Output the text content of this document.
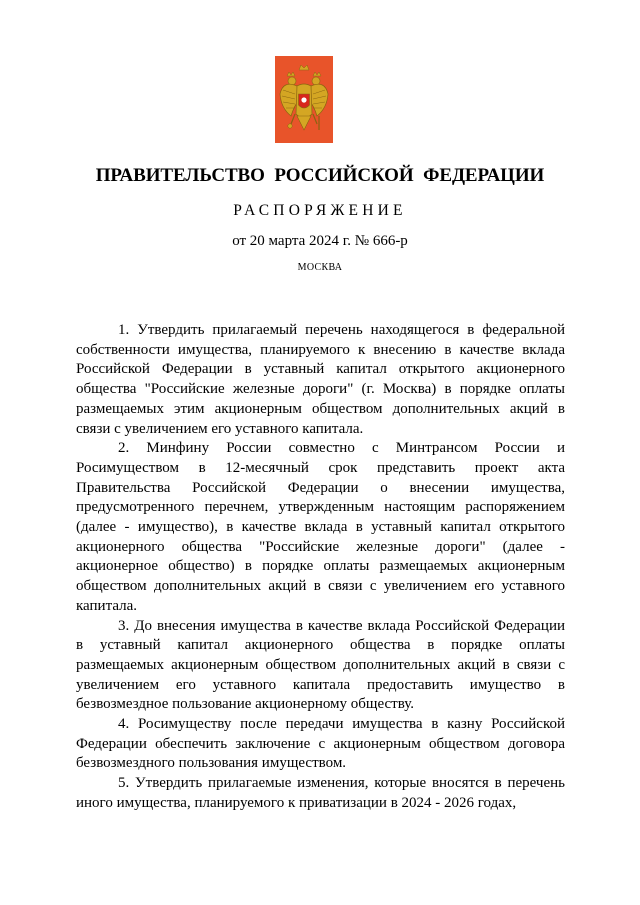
ПРАВИТЕЛЬСТВО РОССИЙСКОЙ ФЕДЕРАЦИИ
РАСПОРЯЖЕНИЕ
от 20 марта 2024 г. № 666-р
МОСКВА

1. Утвердить прилагаемый перечень находящегося в федеральной собственности имущества, планируемого к внесению в качестве вклада Российской Федерации в уставный капитал открытого акционерного общества "Российские железные дороги" (г. Москва) в порядке оплаты размещаемых этим акционерным обществом дополнительных акций в связи с увеличением его уставного капитала.

2. Минфину России совместно с Минтрансом России и Росимуществом в 12-месячный срок представить проект акта Правительства Российской Федерации о внесении имущества, предусмотренного перечнем, утвержденным настоящим распоряжением (далее - имущество), в качестве вклада в уставный капитал открытого акционерного общества "Российские железные дороги" (далее - акционерное общество) в порядке оплаты размещаемых акционерным обществом дополнительных акций в связи с увеличением его уставного капитала.

3. До внесения имущества в качестве вклада Российской Федерации в уставный капитал акционерного общества в порядке оплаты размещаемых акционерным обществом дополнительных акций в связи с увеличением его уставного капитала предоставить имущество в безвозмездное пользование акционерному обществу.

4. Росимуществу после передачи имущества в казну Российской Федерации обеспечить заключение с акционерным обществом договора безвозмездного пользования имуществом.

5. Утвердить прилагаемые изменения, которые вносятся в перечень иного имущества, планируемого к приватизации в 2024 - 2026 годах,
